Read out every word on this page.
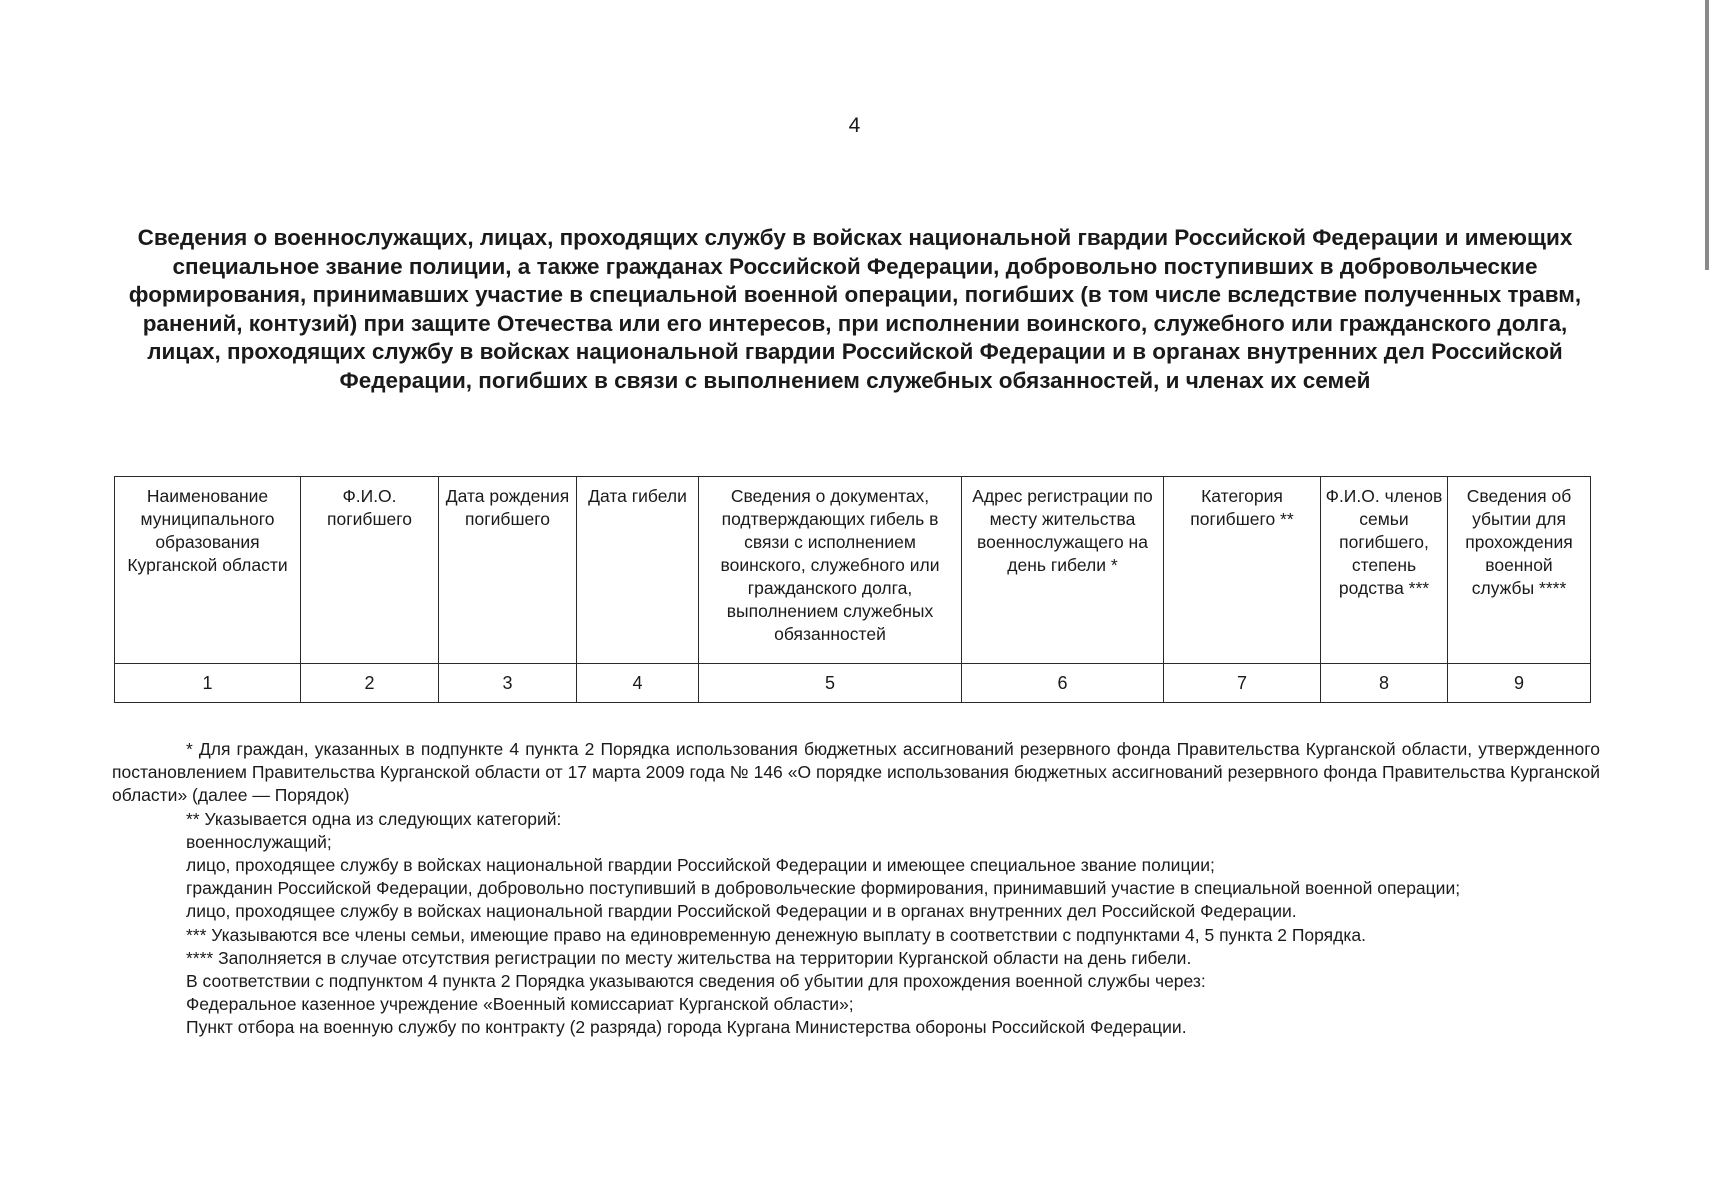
4
Сведения о военнослужащих, лицах, проходящих службу в войсках национальной гвардии Российской Федерации и имеющих специальное звание полиции, а также гражданах Российской Федерации, добровольно поступивших в добровольческие формирования, принимавших участие в специальной военной операции, погибших (в том числе вследствие полученных травм, ранений, контузий) при защите Отечества или его интересов, при исполнении воинского, служебного или гражданского долга, лицах, проходящих службу в войсках национальной гвардии Российской Федерации и в органах внутренних дел Российской Федерации, погибших в связи с выполнением служебных обязанностей, и членах их семей
Наименование муниципального образования Курганской области	Ф.И.О. погибшего	Дата рождения погибшего	Дата гибели	Сведения о документах, подтверждающих гибель в связи с исполнением воинского, служебного или гражданского долга, выполнением служебных обязанностей	Адрес регистрации по месту жительства военнослужащего на день гибели *	Категория погибшего **	Ф.И.О. членов семьи погибшего, степень родства ***	Сведения об убытии для прохождения военной службы ****
1	2	3	4	5	6	7	8	9

* Для граждан, указанных в подпункте 4 пункта 2 Порядка использования бюджетных ассигнований резервного фонда Правительства Курганской области, утвержденного постановлением Правительства Курганской области от 17 марта 2009 года № 146 «О порядке использования бюджетных ассигнований резервного фонда Правительства Курганской области» (далее — Порядок)

** Указывается одна из следующих категорий:

военнослужащий;

лицо, проходящее службу в войсках национальной гвардии Российской Федерации и имеющее специальное звание полиции;

гражданин Российской Федерации, добровольно поступивший в добровольческие формирования, принимавший участие в специальной военной операции;

лицо, проходящее службу в войсках национальной гвардии Российской Федерации и в органах внутренних дел Российской Федерации.

*** Указываются все члены семьи, имеющие право на единовременную денежную выплату в соответствии с подпунктами 4, 5 пункта 2 Порядка.

**** Заполняется в случае отсутствия регистрации по месту жительства на территории Курганской области на день гибели.

В соответствии с подпунктом 4 пункта 2 Порядка указываются сведения об убытии для прохождения военной службы через:

Федеральное казенное учреждение «Военный комиссариат Курганской области»;

Пункт отбора на военную службу по контракту (2 разряда) города Кургана Министерства обороны Российской Федерации.
